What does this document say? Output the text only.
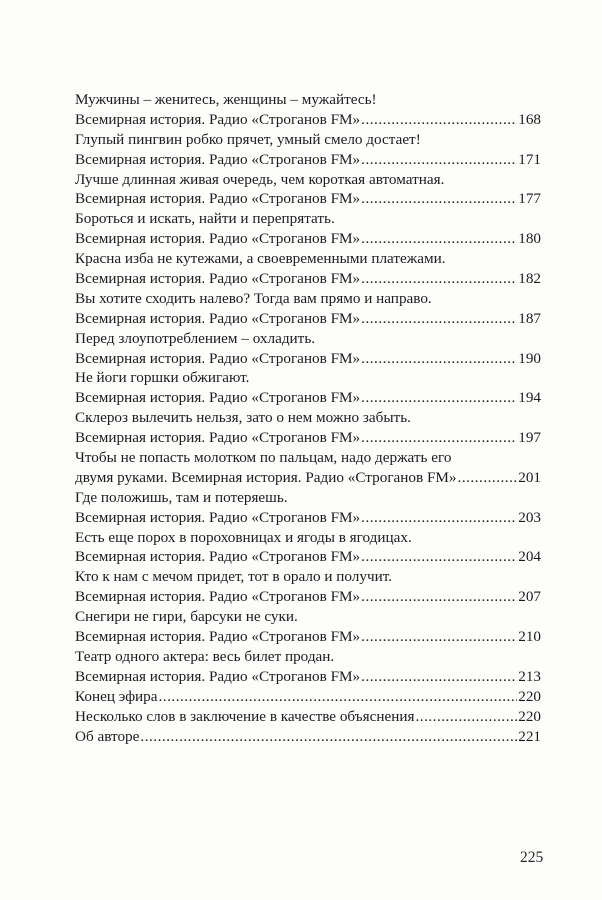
Мужчины – женитесь, женщины – мужайтесь!
Всемирная история. Радио «Строганов FM» .....	168
Глупый пингвин робко прячет, умный смело достает!
Всемирная история. Радио «Строганов FM» .....	171
Лучше длинная живая очередь, чем короткая автоматная.
Всемирная история. Радио «Строганов FM» .....	177
Бороться и искать, найти и перепрятать.
Всемирная история. Радио «Строганов FM» .....	180
Красна изба не кутежами, а своевременными платежами.
Всемирная история. Радио «Строганов FM» .....	182
Вы хотите сходить налево? Тогда вам прямо и направо.
Всемирная история. Радио «Строганов FM» .....	187
Перед злоупотреблением – охладить.
Всемирная история. Радио «Строганов FM» .....	190
Не йоги горшки обжигают.
Всемирная история. Радио «Строганов FM» .....	194
Склероз вылечить нельзя, зато о нем можно забыть.
Всемирная история. Радио «Строганов FM» .....	197
Чтобы не попасть молотком по пальцам, надо держать его
двумя руками. Всемирная история. Радио «Строганов FM» .....	201
Где положишь, там и потеряешь.
Всемирная история. Радио «Строганов FM» .....	203
Есть еще порох в пороховницах и ягоды в ягодицах.
Всемирная история. Радио «Строганов FM» .....	204
Кто к нам с мечом придет, тот в орало и получит.
Всемирная история. Радио «Строганов FM» .....	207
Снегири не гири, барсуки не суки.
Всемирная история. Радио «Строганов FM» .....	210
Театр одного актера: весь билет продан.
Всемирная история. Радио «Строганов FM» .....	213
Конец эфира .....	220
Несколько слов в заключение в качестве объяснения .....	220
Об авторе .....	221
225
